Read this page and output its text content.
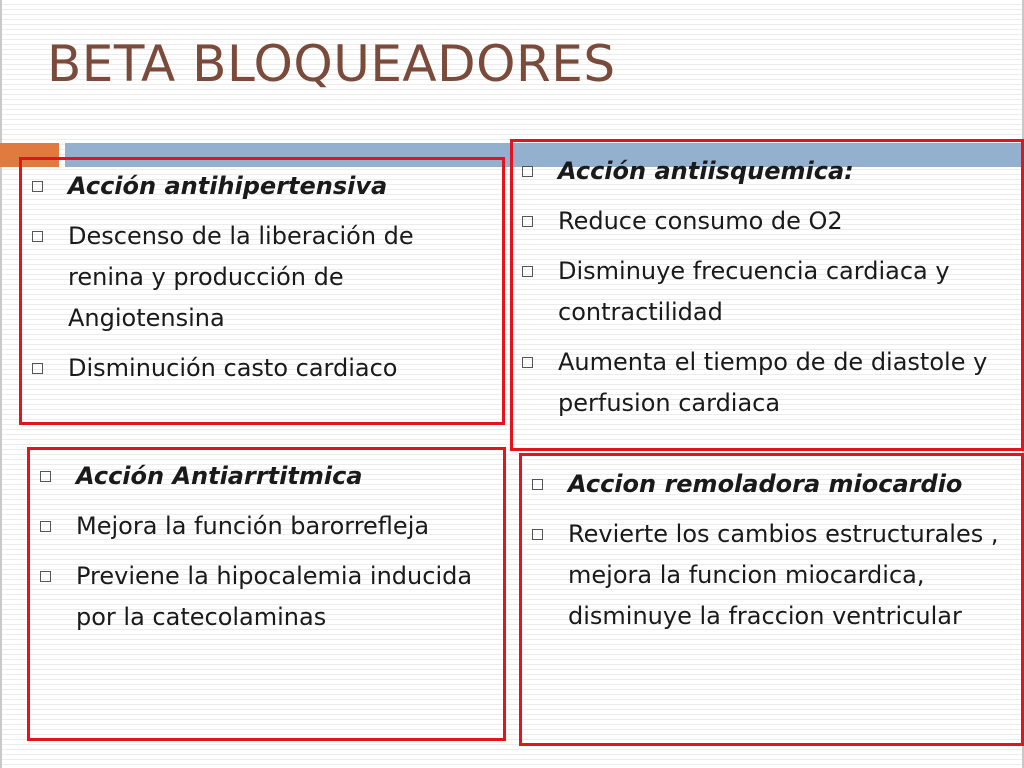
BETA BLOQUEADORES
Acción antihipertensiva
Descenso de la liberación de renina y producción de Angiotensina
Disminución casto cardiaco
Acción antiisquemica:
Reduce consumo de O2
Disminuye frecuencia cardiaca y contractilidad
Aumenta el tiempo de de diastole y perfusion cardiaca
Acción Antiarrtitmica
Mejora la función barorrefleja
Previene la hipocalemia inducida por la catecolaminas
Accion remoladora miocardio
Revierte los cambios estructurales , mejora la funcion miocardica, disminuye la fraccion ventricular
